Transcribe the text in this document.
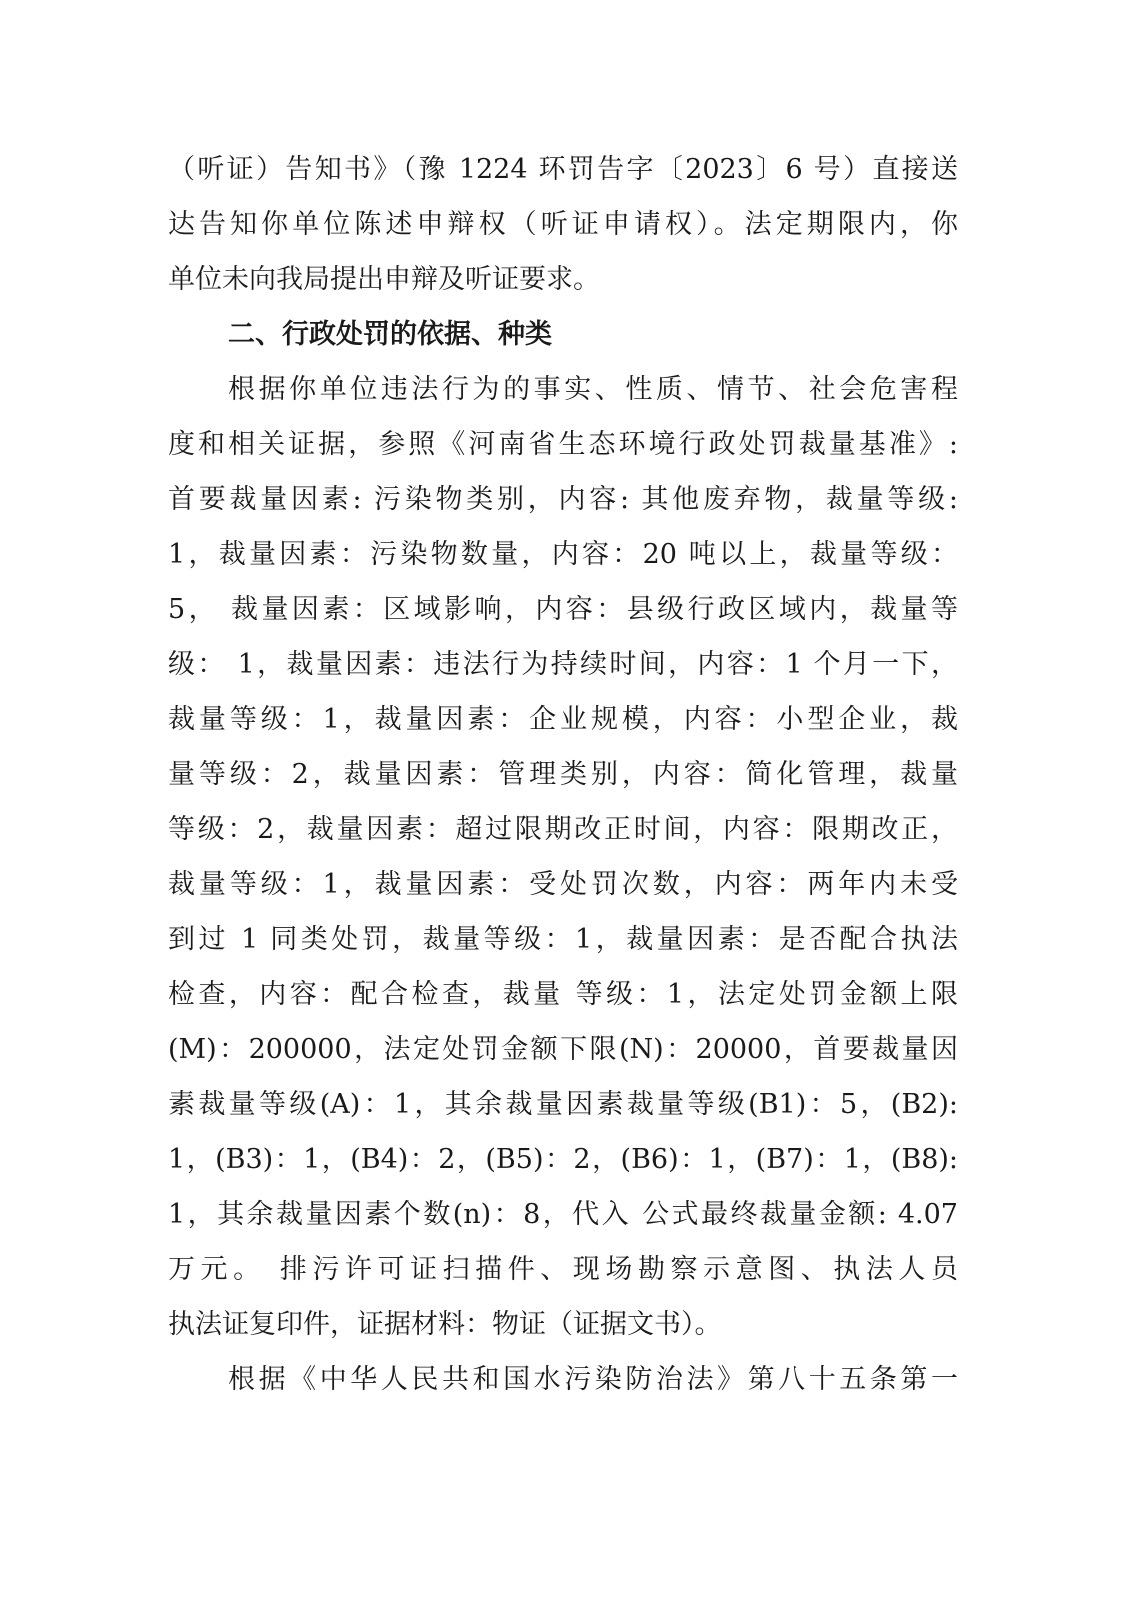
（听证）告知书》（豫 1224 环罚告字〔2023〕6 号）直接送
达告知你单位陈述申辩权（听证申请权）。法定期限内，你
单位未向我局提出申辩及听证要求。
二、行政处罚的依据、种类
根据你单位违法行为的事实、性质、情节、社会危害程
度和相关证据，参照《河南省生态环境行政处罚裁量基准》:
首要裁量因素: 污染物类别，内容: 其他废弃物，裁量等级:
1，裁量因素：污染物数量，内容：20 吨以上，裁量等级：
5， 裁量因素：区域影响，内容：县级行政区域内，裁量等
级： 1，裁量因素：违法行为持续时间，内容：1 个月一下，
裁量等级：1，裁量因素：企业规模，内容：小型企业，裁
量等级：2，裁量因素：管理类别，内容：简化管理，裁量
等级：2，裁量因素：超过限期改正时间，内容：限期改正，
裁量等级：1，裁量因素：受处罚次数，内容：两年内未受
到过 1 同类处罚，裁量等级：1，裁量因素：是否配合执法
检查，内容：配合检查，裁量 等级：1，法定处罚金额上限
(M)：200000，法定处罚金额下限(N)：20000，首要裁量因
素裁量等级(A)：1，其余裁量因素裁量等级(B1)：5，(B2):
1，(B3)：1，(B4)：2，(B5)：2，(B6)：1，(B7)：1，(B8):
1，其余裁量因素个数(n)：8，代入 公式最终裁量金额: 4.07
万元。 排污许可证扫描件、现场勘察示意图、执法人员
执法证复印件，证据材料：物证（证据文书）。
根据《中华人民共和国水污染防治法》第八十五条第一
